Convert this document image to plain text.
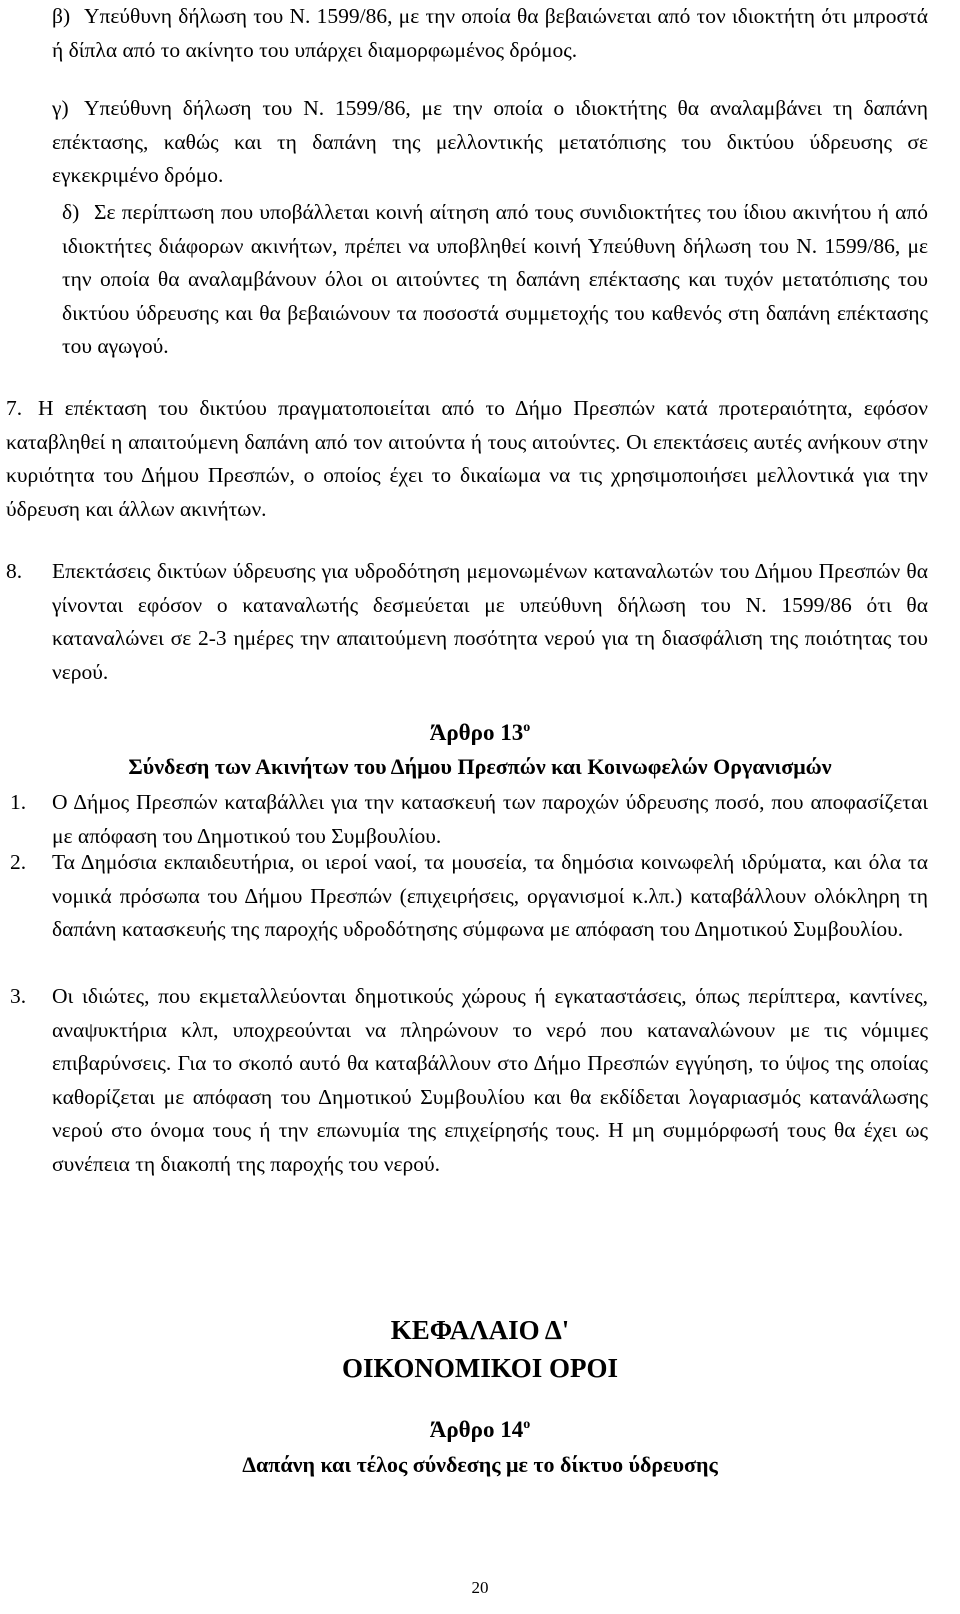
β) Υπεύθυνη δήλωση του Ν. 1599/86, με την οποία θα βεβαιώνεται από τον ιδιοκτήτη ότι μπροστά ή δίπλα από το ακίνητο του υπάρχει διαμορφωμένος δρόμος.

γ) Υπεύθυνη δήλωση του Ν. 1599/86, με την οποία ο ιδιοκτήτης θα αναλαμβάνει τη δαπάνη επέκτασης, καθώς και τη δαπάνη της μελλοντικής μετατόπισης του δικτύου ύδρευσης σε εγκεκριμένο δρόμο.

δ) Σε περίπτωση που υποβάλλεται κοινή αίτηση από τους συνιδιοκτήτες του ίδιου ακινήτου ή από ιδιοκτήτες διάφορων ακινήτων, πρέπει να υποβληθεί κοινή Υπεύθυνη δήλωση του Ν. 1599/86, με την οποία θα αναλαμβάνουν όλοι οι αιτούντες τη δαπάνη επέκτασης και τυχόν μετατόπισης του δικτύου ύδρευσης και θα βεβαιώνουν τα ποσοστά συμμετοχής του καθενός στη δαπάνη επέκτασης του αγωγού.

7. Η επέκταση του δικτύου πραγματοποιείται από το Δήμο Πρεσπών κατά προτεραιότητα, εφόσον καταβληθεί η απαιτούμενη δαπάνη από τον αιτούντα ή τους αιτούντες. Οι επεκτάσεις αυτές ανήκουν στην κυριότητα του Δήμου Πρεσπών, ο οποίος έχει το δικαίωμα να τις χρησιμοποιήσει μελλοντικά για την ύδρευση και άλλων ακινήτων.

8. Επεκτάσεις δικτύων ύδρευσης για υδροδότηση μεμονωμένων καταναλωτών του Δήμου Πρεσπών θα γίνονται εφόσον ο καταναλωτής δεσμεύεται με υπεύθυνη δήλωση του Ν. 1599/86 ότι θα καταναλώνει σε 2-3 ημέρες την απαιτούμενη ποσότητα νερού για τη διασφάλιση της ποιότητας του νερού.

Άρθρο $13^o$
Σύνδεση των Ακινήτων του Δήμου Πρεσπών και Κοινωφελών Οργανισμών
1. Ο Δήμος Πρεσπών καταβάλλει για την κατασκευή των παροχών ύδρευσης ποσό, που αποφασίζεται με απόφαση του Δημοτικού του Συμβουλίου.

2. Τα Δημόσια εκπαιδευτήρια, οι ιεροί ναοί, τα μουσεία, τα δημόσια κοινωφελή ιδρύματα, και όλα τα νομικά πρόσωπα του Δήμου Πρεσπών (επιχειρήσεις, οργανισμοί κ.λπ.) καταβάλλουν ολόκληρη τη δαπάνη κατασκευής της παροχής υδροδότησης σύμφωνα με απόφαση του Δημοτικού Συμβουλίου.

3. Οι ιδιώτες, που εκμεταλλεύονται δημοτικούς χώρους ή εγκαταστάσεις, όπως περίπτερα, καντίνες, αναψυκτήρια κλπ, υποχρεούνται να πληρώνουν το νερό που καταναλώνουν με τις νόμιμες επιβαρύνσεις. Για το σκοπό αυτό θα καταβάλλουν στο Δήμο Πρεσπών εγγύηση, το ύψος της οποίας καθορίζεται με απόφαση του Δημοτικού Συμβουλίου και θα εκδίδεται λογαριασμός κατανάλωσης νερού στο όνομα τους ή την επωνυμία της επιχείρησής τους. Η μη συμμόρφωσή τους θα έχει ως συνέπεια τη διακοπή της παροχής του νερού.

ΚΕΦΑΛΑΙΟ Δ'
ΟΙΚΟΝΟΜΙΚΟΙ ΟΡΟΙ
Άρθρο $14^o$
Δαπάνη και τέλος σύνδεσης με το δίκτυο ύδρευσης
20
